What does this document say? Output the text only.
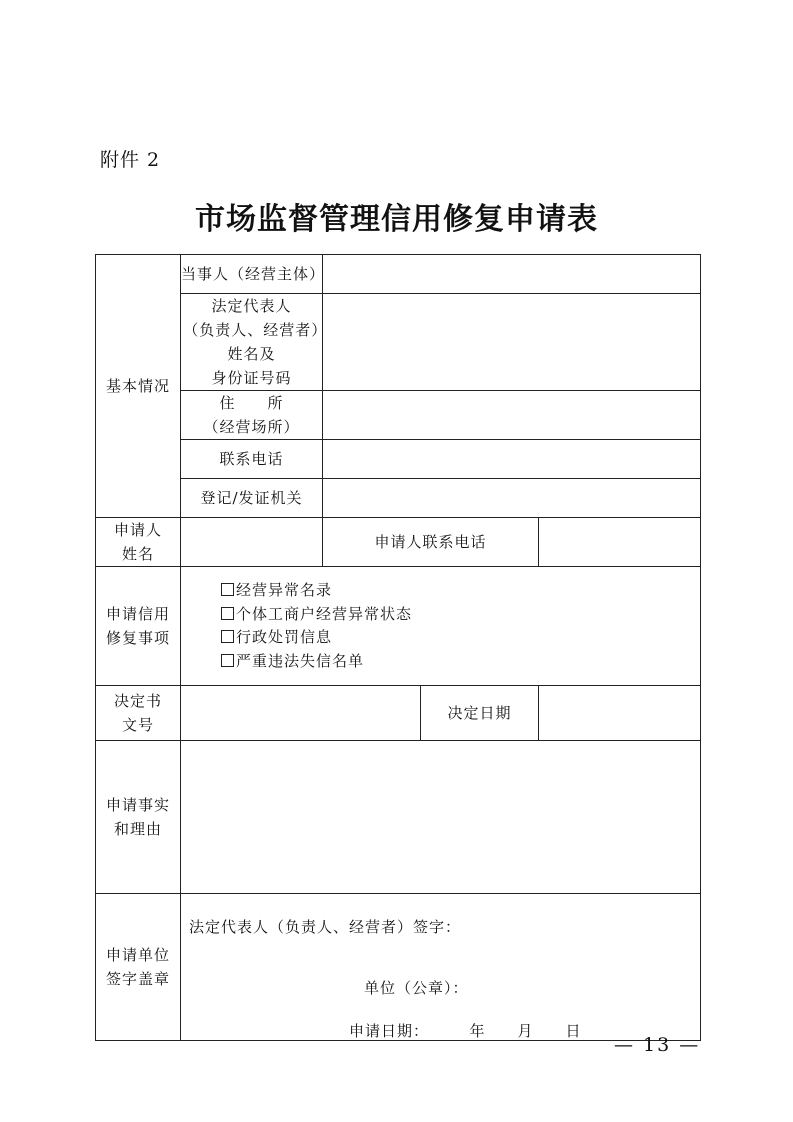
附件 2
市场监督管理信用修复申请表
基本情况	当事人（经营主体）			
	法定代表人
（负责人、经营者）姓名及
身份证号码			
	住　　所
（经营场所）			
	联系电话			
	登记/发证机关			
申请人
姓名		申请人联系电话		
申请信用
修复事项	经营异常名录
个体工商户经营异常状态
行政处罚信息
严重违法失信名单			

决定书
文号			决定日期	
申请事实
和理由				
申请单位
签字盖章	法定代表人（负责人、经营者）签字：
单位（公章）：
申请日期：　　　年　　月　　日			
— 13 —
